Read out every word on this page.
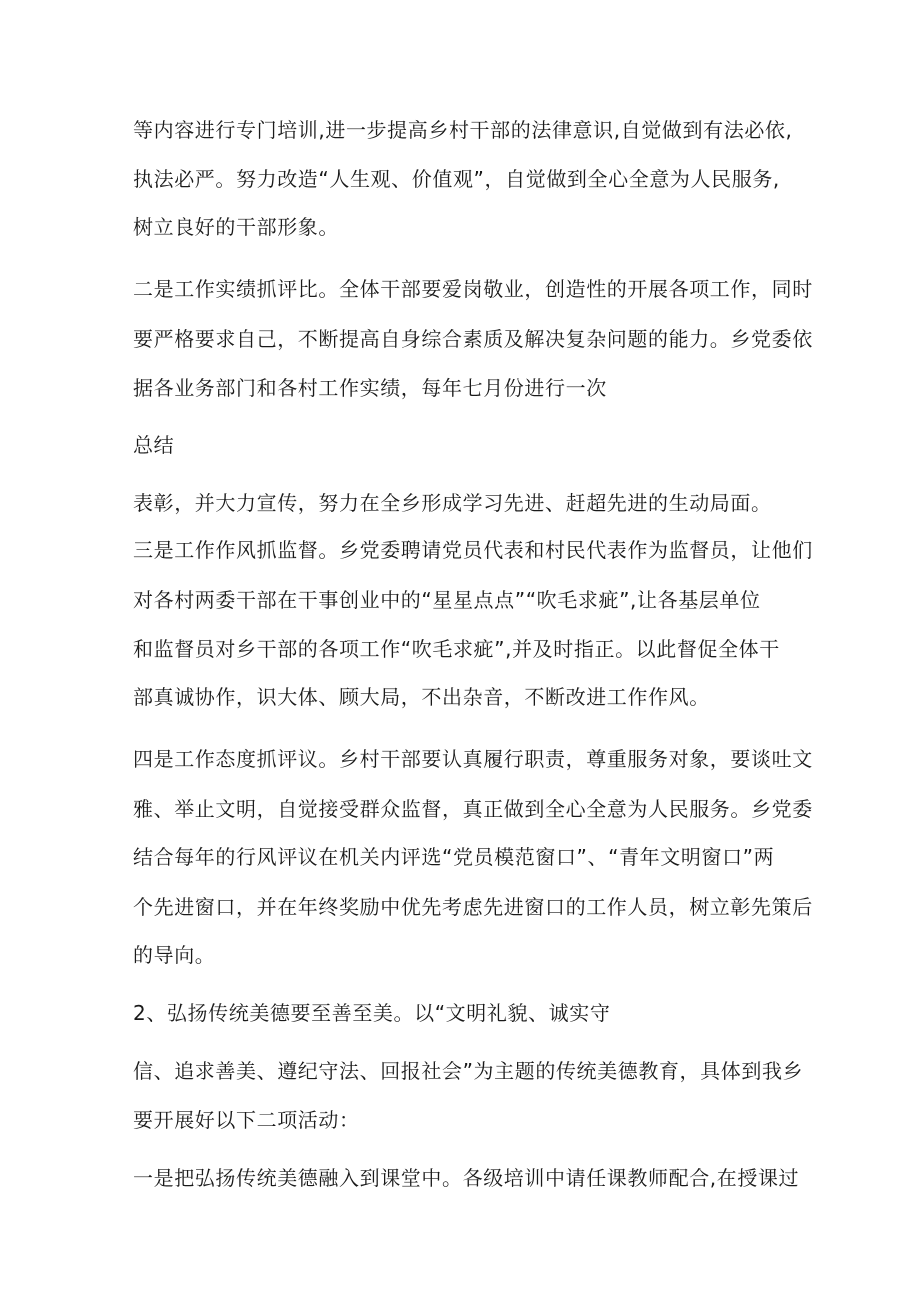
等内容进行专门培训,进一步提高乡村干部的法律意识,自觉做到有法必依,
执法必严。努力改造“人生观、价值观”，自觉做到全心全意为人民服务,
树立良好的干部形象。
二是工作实绩抓评比。全体干部要爱岗敬业，创造性的开展各项工作，同时
要严格要求自己，不断提高自身综合素质及解决复杂问题的能力。乡党委依
据各业务部门和各村工作实绩，每年七月份进行一次
总结
表彰，并大力宣传，努力在全乡形成学习先进、赶超先进的生动局面。
三是工作作风抓监督。乡党委聘请党员代表和村民代表作为监督员，让他们
对各村两委干部在干事创业中的“星星点点”“吹毛求疵”,让各基层单位
和监督员对乡干部的各项工作“吹毛求疵”,并及时指正。以此督促全体干
部真诚协作，识大体、顾大局，不出杂音，不断改进工作作风。
四是工作态度抓评议。乡村干部要认真履行职责，尊重服务对象，要谈吐文
雅、举止文明，自觉接受群众监督，真正做到全心全意为人民服务。乡党委
结合每年的行风评议在机关内评选“党员模范窗口”、“青年文明窗口”两
个先进窗口，并在年终奖励中优先考虑先进窗口的工作人员，树立彰先策后
的导向。
2、弘扬传统美德要至善至美。以“文明礼貌、诚实守
信、追求善美、遵纪守法、回报社会”为主题的传统美德教育，具体到我乡
要开展好以下二项活动：
一是把弘扬传统美德融入到课堂中。各级培训中请任课教师配合,在授课过
